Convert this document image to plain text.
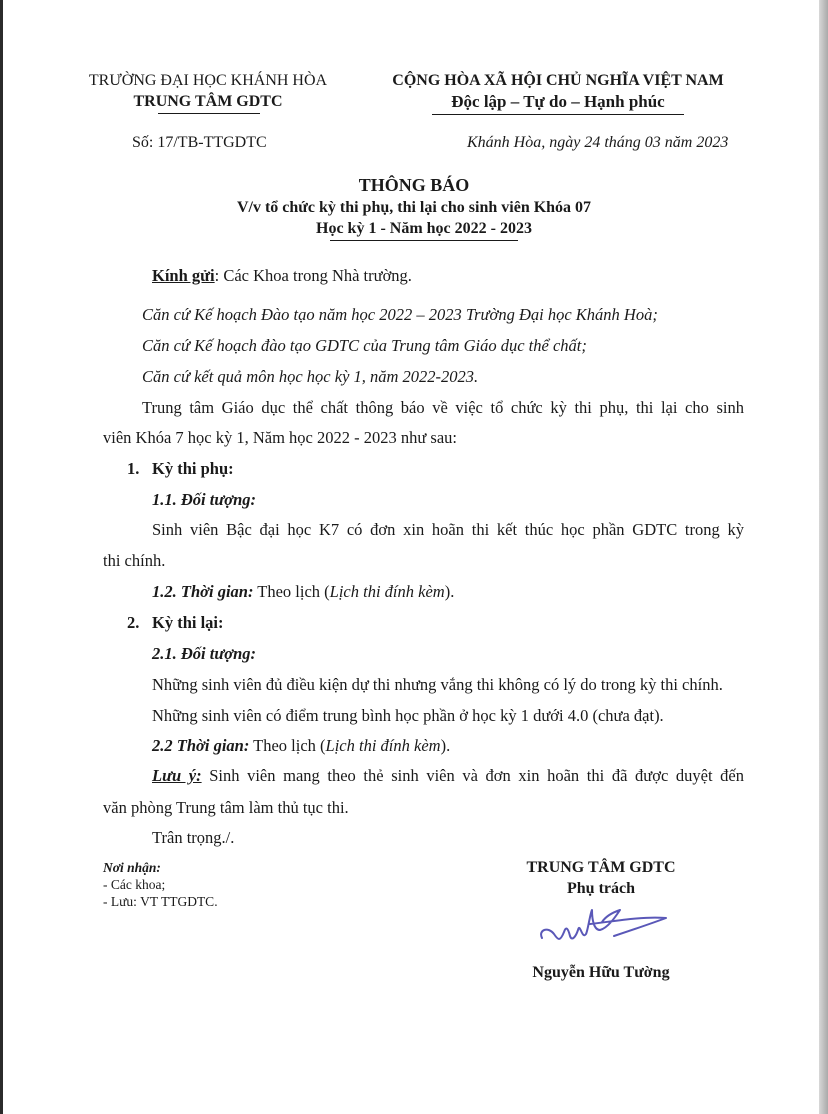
TRƯỜNG ĐẠI HỌC KHÁNH HÒA
TRUNG TÂM GDTC
CỘNG HÒA XÃ HỘI CHỦ NGHĨA VIỆT NAM
Độc lập – Tự do – Hạnh phúc
Số: 17/TB-TTGDTC	Khánh Hòa, ngày 24 tháng 03 năm 2023
THÔNG BÁO
V/v tổ chức kỳ thi phụ, thi lại cho sinh viên Khóa 07
Học kỳ 1 - Năm học 2022 - 2023
Kính gửi: Các Khoa trong Nhà trường.
Căn cứ Kế hoạch Đào tạo năm học 2022 – 2023 Trường Đại học Khánh Hoà;
Căn cứ Kế hoạch đào tạo GDTC của Trung tâm Giáo dục thể chất;
Căn cứ kết quả môn học học kỳ 1, năm 2022-2023.
Trung tâm Giáo dục thể chất thông báo về việc tổ chức kỳ thi phụ, thi lại cho sinh
viên Khóa 7 học kỳ 1, Năm học 2022 - 2023 như sau:
1. Kỳ thi phụ:
1.1. Đối tượng:
Sinh viên Bậc đại học K7 có đơn xin hoãn thi kết thúc học phần GDTC trong kỳ
thi chính.
1.2. Thời gian: Theo lịch (Lịch thi đính kèm).
2. Kỳ thi lại:
2.1. Đối tượng:
Những sinh viên đủ điều kiện dự thi nhưng vắng thi không có lý do trong kỳ thi chính.
Những sinh viên có điểm trung bình học phần ở học kỳ 1 dưới 4.0 (chưa đạt).
2.2 Thời gian: Theo lịch (Lịch thi đính kèm).
Lưu ý: Sinh viên mang theo thẻ sinh viên và đơn xin hoãn thi đã được duyệt đến
văn phòng Trung tâm làm thủ tục thi.
Trân trọng./.
Nơi nhận:
- Các khoa;
- Lưu: VT TTGDTC.
TRUNG TÂM GDTC
Phụ trách
Nguyễn Hữu Tường
